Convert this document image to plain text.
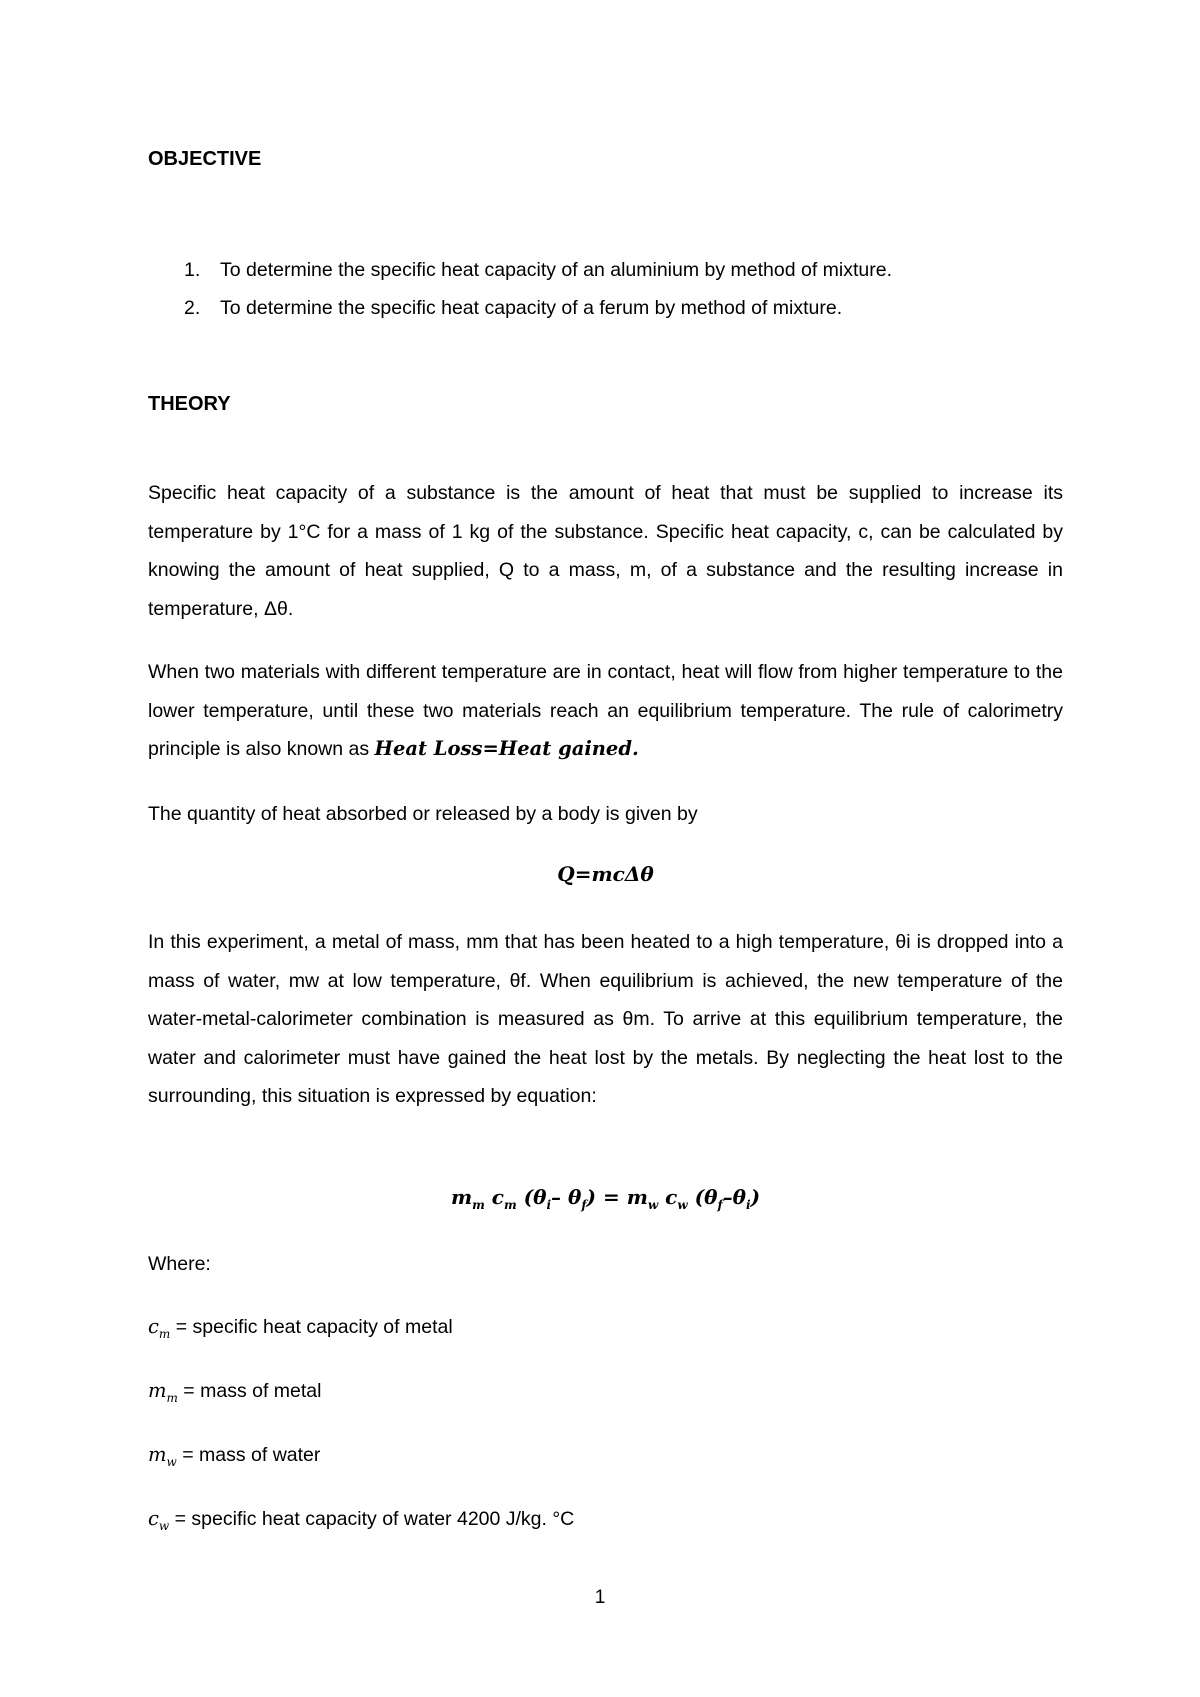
OBJECTIVE
1. To determine the specific heat capacity of an aluminium by method of mixture.
2. To determine the specific heat capacity of a ferum by method of mixture.
THEORY

Specific heat capacity of a substance is the amount of heat that must be supplied to increase its temperature by 1°C for a mass of 1 kg of the substance. Specific heat capacity, c, can be calculated by knowing the amount of heat supplied, Q to a mass, m, of a substance and the resulting increase in temperature, Δθ.

When two materials with different temperature are in contact, heat will flow from higher temperature to the lower temperature, until these two materials reach an equilibrium temperature. The rule of calorimetry principle is also known as Heat Loss=Heat gained.

The quantity of heat absorbed or released by a body is given by

Q=mcΔθ

In this experiment, a metal of mass, mm that has been heated to a high temperature, θi is dropped into a mass of water, mw at low temperature, θf. When equilibrium is achieved, the new temperature of the water-metal-calorimeter combination is measured as θm. To arrive at this equilibrium temperature, the water and calorimeter must have gained the heat lost by the metals. By neglecting the heat lost to the surrounding, this situation is expressed by equation:

$m_m$ $c_m$ ($\theta_i-$ $\theta_f) = m_w$ $c_w$ $(\theta_f-\theta_i)$

Where:

$c_m$ = specific heat capacity of metal

$m_m$ = mass of metal

$m_w$ = mass of water

$c_w$ = specific heat capacity of water 4200 J/kg. °C

1
